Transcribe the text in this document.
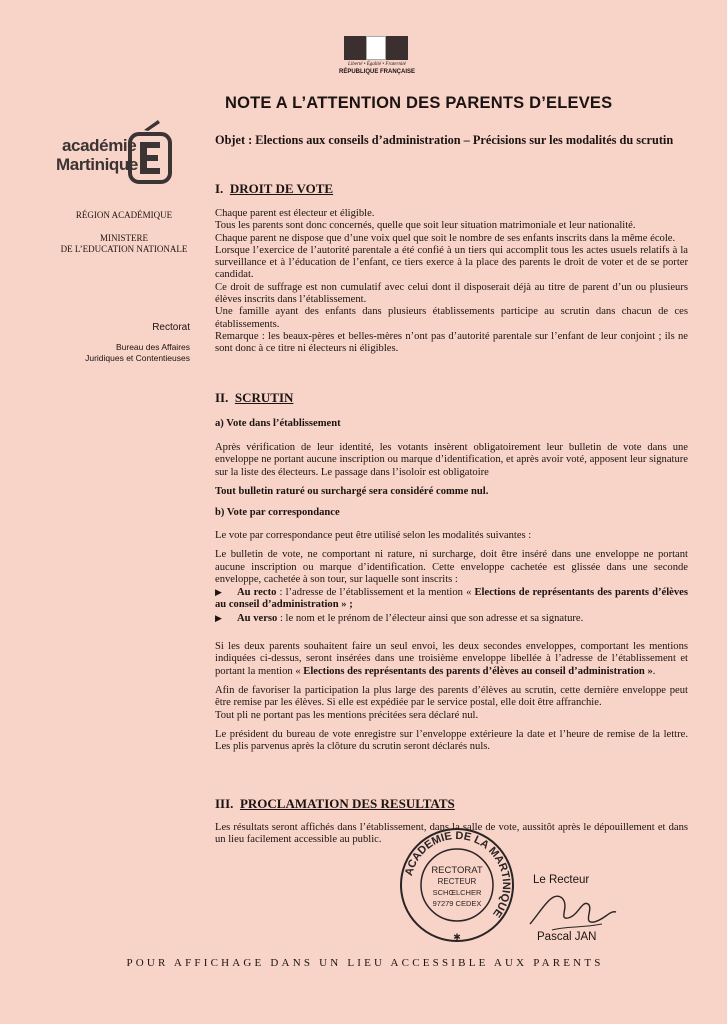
Liberté • Égalité • Fraternité
RÉPUBLIQUE FRANÇAISE
NOTE A L’ATTENTION DES PARENTS D’ELEVES
académie
Martinique
RÉGION ACADÉMIQUE
MINISTERE
DE L’EDUCATION NATIONALE
Rectorat
Bureau des Affaires
Juridiques et Contentieuses
Objet : Elections aux conseils d’administration – Précisions sur les modalités du scrutin
I. DROIT DE VOTE

Chaque parent est électeur et éligible.

Tous les parents sont donc concernés, quelle que soit leur situation matrimoniale et leur nationalité.

Chaque parent ne dispose que d’une voix quel que soit le nombre de ses enfants inscrits dans la même école.

Lorsque l’exercice de l’autorité parentale a été confié à un tiers qui accomplit tous les actes usuels relatifs à la surveillance et à l’éducation de l’enfant, ce tiers exerce à la place des parents le droit de voter et de se porter candidat.

Ce droit de suffrage est non cumulatif avec celui dont il disposerait déjà au titre de parent d’un ou plusieurs élèves inscrits dans l’établissement.

Une famille ayant des enfants dans plusieurs établissements participe au scrutin dans chacun de ces établissements.

Remarque : les beaux-pères et belles-mères n’ont pas d’autorité parentale sur l’enfant de leur conjoint ; ils ne sont donc à ce titre ni électeurs ni éligibles.

II. SCRUTIN
a) Vote dans l’établissement

Après vérification de leur identité, les votants insèrent obligatoirement leur bulletin de vote dans une enveloppe ne portant aucune inscription ou marque d’identification, et après avoir voté, apposent leur signature sur la liste des électeurs. Le passage dans l’isoloir est obligatoire

Tout bulletin raturé ou surchargé sera considéré comme nul.

b) Vote par correspondance

Le vote par correspondance peut être utilisé selon les modalités suivantes :

Le bulletin de vote, ne comportant ni rature, ni surcharge, doit être inséré dans une enveloppe ne portant aucune inscription ou marque d’identification. Cette enveloppe cachetée est glissée dans une seconde enveloppe, cachetée à son tour, sur laquelle sont inscrits :

▶ Au recto : l’adresse de l’établissement et la mention « Elections de représentants des parents d’élèves au conseil d’administration » ;

▶ Au verso : le nom et le prénom de l’électeur ainsi que son adresse et sa signature.

Si les deux parents souhaitent faire un seul envoi, les deux secondes enveloppes, comportant les mentions indiquées ci-dessus, seront insérées dans une troisième enveloppe libellée à l’adresse de l’établissement et portant la mention « Elections des représentants des parents d’élèves au conseil d’administration ».

Afin de favoriser la participation la plus large des parents d’élèves au scrutin, cette dernière enveloppe peut être remise par les élèves. Si elle est expédiée par le service postal, elle doit être affranchie.

Tout pli ne portant pas les mentions précitées sera déclaré nul.

Le président du bureau de vote enregistre sur l’enveloppe extérieure la date et l’heure de remise de la lettre. Les plis parvenus après la clôture du scrutin seront déclarés nuls.

III. PROCLAMATION DES RESULTATS

Les résultats seront affichés dans l’établissement, dans la salle de vote, aussitôt après le dépouillement et dans un lieu facilement accessible au public.

ACADEMIE DE LA MARTINIQUE
RECTORAT
RECTEUR
SCHŒLCHER
97279 CEDEX
✱
Le Recteur
Pascal JAN
POUR AFFICHAGE DANS UN LIEU ACCESSIBLE AUX PARENTS
